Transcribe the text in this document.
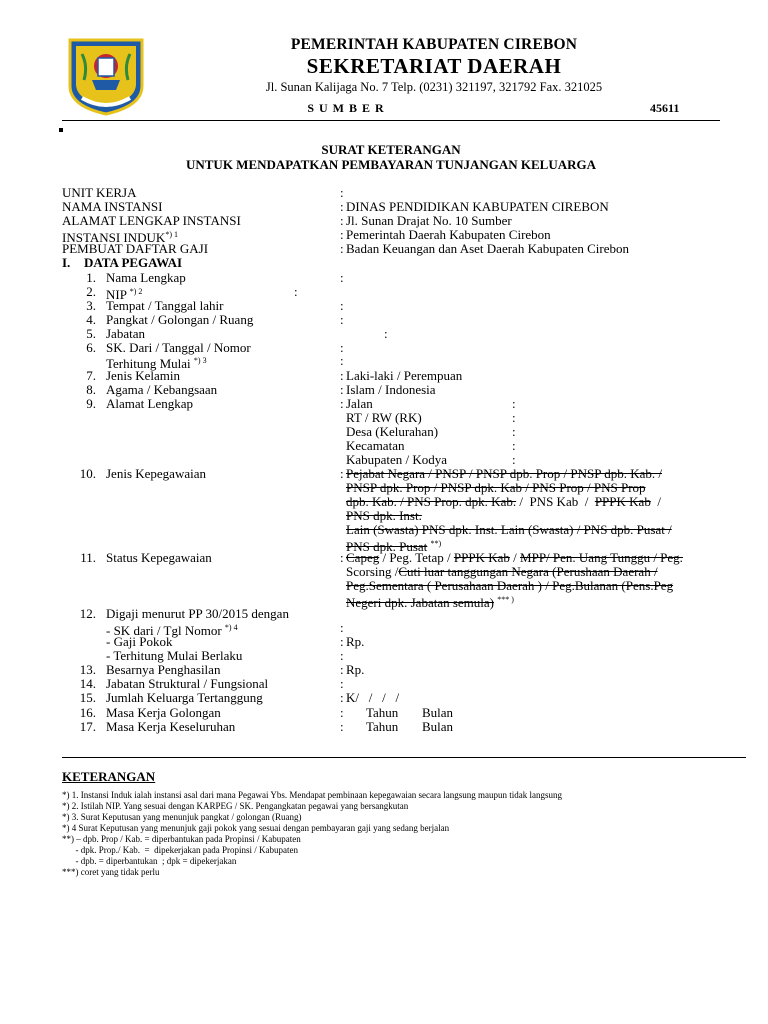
PEMERINTAH KABUPATEN CIREBON
SEKRETARIAT DAERAH
Jl. Sunan Kalijaga No. 7 Telp. (0231) 321197, 321792 Fax. 321025
SUMBER	45611
SURAT KETERANGAN
UNTUK MENDAPATKAN PEMBAYARAN TUNJANGAN KELUARGA
UNIT KERJA	:
NAMA INSTANSI	: DINAS PENDIDIKAN KABUPATEN CIREBON
ALAMAT LENGKAP INSTANSI	: Jl. Sunan Drajat No. 10 Sumber
INSTANSI $INDUK^{*) 1}$	: Pemerintah Daerah Kabupaten Cirebon
PEMBUAT DAFTAR GAJI	: Badan Keuangan dan Aset Daerah Kabupaten Cirebon
I. DATA PEGAWAI
1. Nama Lengkap	:
2. NIP $^{*) 2}$	:
3. Tempat / Tanggal lahir	:
4. Pangkat / Golongan / Ruang	:
5. Jabatan	:
6. SK. Dari / Tanggal / Nomor	:
Terhitung Mulai $^{*) 3}$	:
7. Jenis Kelamin	: Laki-laki / Perempuan
8. Agama / Kebangsaan	: Islam / Indonesia
9. Alamat Lengkap	: Jalan	:
RT / RW (RK)	:
Desa (Kelurahan)	:
Kecamatan	:
Kabupaten / Kodya	:
10. Jenis Kepegawaian	: Pejabat Negara / PNSP / PNSP dpb. Prop / PNSP dpb. Kab. /
PNSP dpk. Prop / PNSP dpk. Kab / PNS Prop / PNS Prop
dpb. Kab. / PNS Prop. dpk. Kab. /  PNS Kab  /  PPPK Kab  /
PNS dpk. Inst.
Lain (Swasta) PNS dpk. Inst. Lain (Swasta) / PNS dpb. Pusat /
PNS dpk. Pusat **)
11. Status Kepegawaian	: Capeg / Peg. Tetap / PPPK Kab / MPP/ Pen. Uang Tunggu / Peg.
Scorsing /Cuti luar tanggungan Negara (Perushaan Daerah /
Peg.Sementara ( Perusahaan Daerah ) / Peg.Bulanan (Pens.Peg
Negeri dpk. Jabatan semula) *** )
12. Digaji menurut PP 30/2015 dengan
- SK dari / Tgl Nomor $^{*) 4}$	:
- Gaji Pokok	: Rp.
- Terhitung Mulai Berlaku	:
13. Besarnya Penghasilan	: Rp.
14. Jabatan Struktural / Fungsional	:
15. Jumlah Keluarga Tertanggung	: K/   /   /   /
16. Masa Kerja Golongan	: Tahun Bulan
17. Masa Kerja Keseluruhan	: Tahun Bulan
KETERANGAN
*) 1. Instansi Induk ialah instansi asal dari mana Pegawai Ybs. Mendapat pembinaan kepegawaian secara langsung maupun tidak langsung
*) 2. Istilah NIP. Yang sesuai dengan KARPEG / SK. Pengangkatan pegawai yang bersangkutan
*) 3. Surat Keputusan yang menunjuk pangkat / golongan (Ruang)
*) 4 Surat Keputusan yang menunjuk gaji pokok yang sesuai dengan pembayaran gaji yang sedang berjalan
**) – dpb. Prop / Kab. = diperbantukan pada Propinsi / Kabupaten
- dpk. Prop./ Kab.  =  dipekerjakan pada Propinsi / Kabupaten
- dpb. = diperbantukan  ; dpk = dipekerjakan
***) coret yang tidak perlu
